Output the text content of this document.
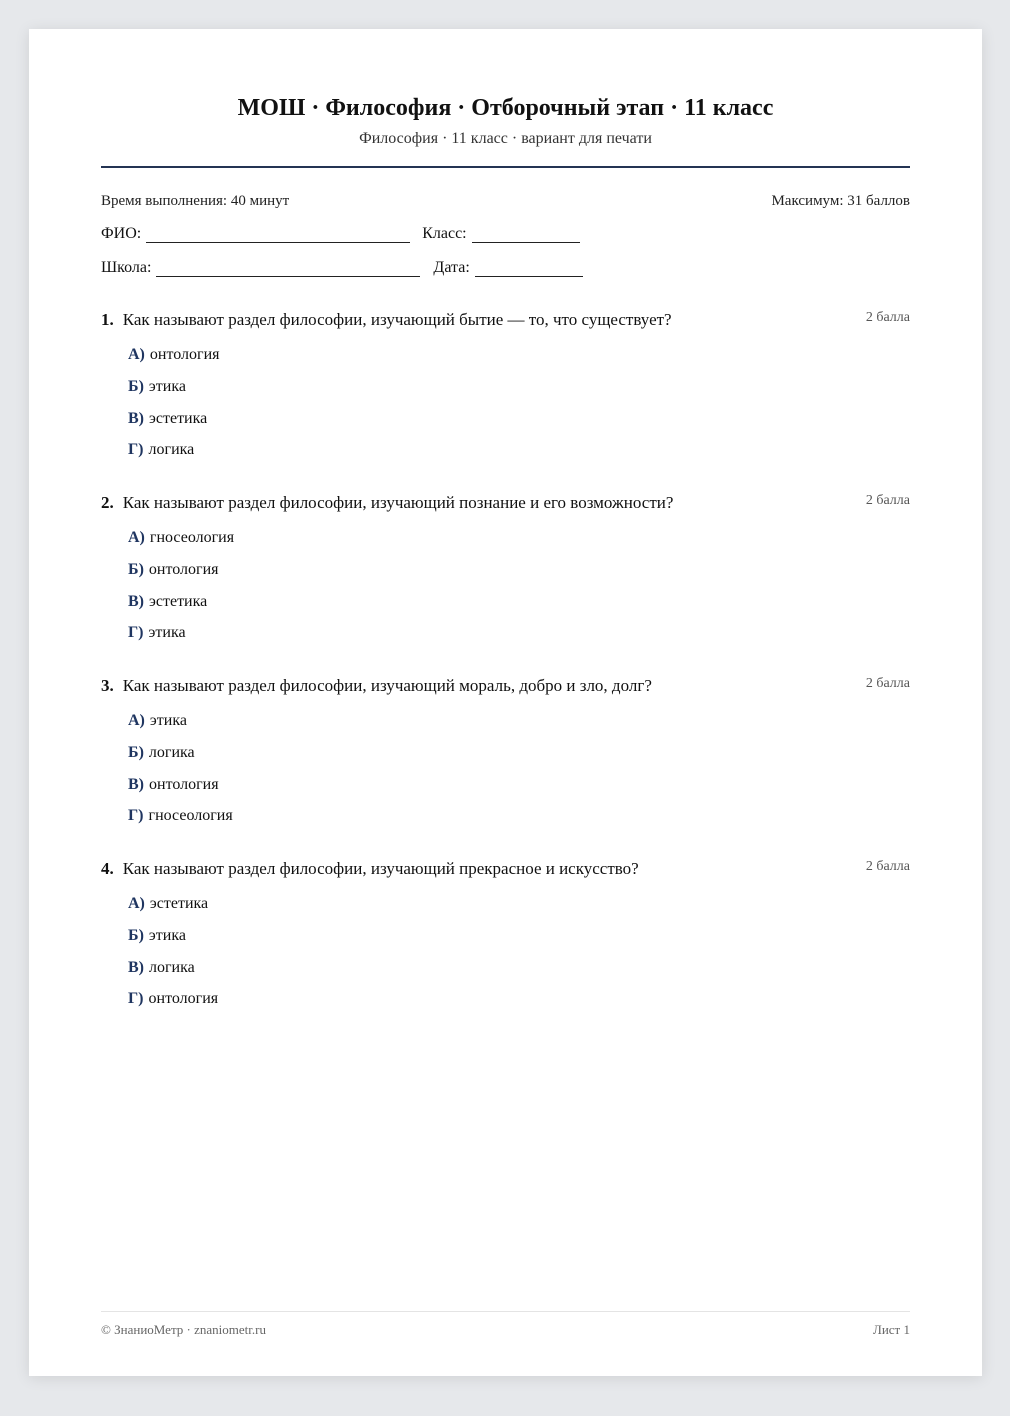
МОШ · Философия · Отборочный этап · 11 класс
Философия · 11 класс · вариант для печати
Время выполнения: 40 минут	Максимум: 31 баллов
ФИО:	Класс:
Школа:	Дата:
1. Как называют раздел философии, изучающий бытие — то, что существует?	2 балла
А) онтология
Б) этика
В) эстетика
Г) логика
2. Как называют раздел философии, изучающий познание и его возможности?	2 балла
А) гносеология
Б) онтология
В) эстетика
Г) этика
3. Как называют раздел философии, изучающий мораль, добро и зло, долг?	2 балла
А) этика
Б) логика
В) онтология
Г) гносеология
4. Как называют раздел философии, изучающий прекрасное и искусство?	2 балла
А) эстетика
Б) этика
В) логика
Г) онтология
© ЗнаниоМетр · znaniometr.ru	Лист 1
